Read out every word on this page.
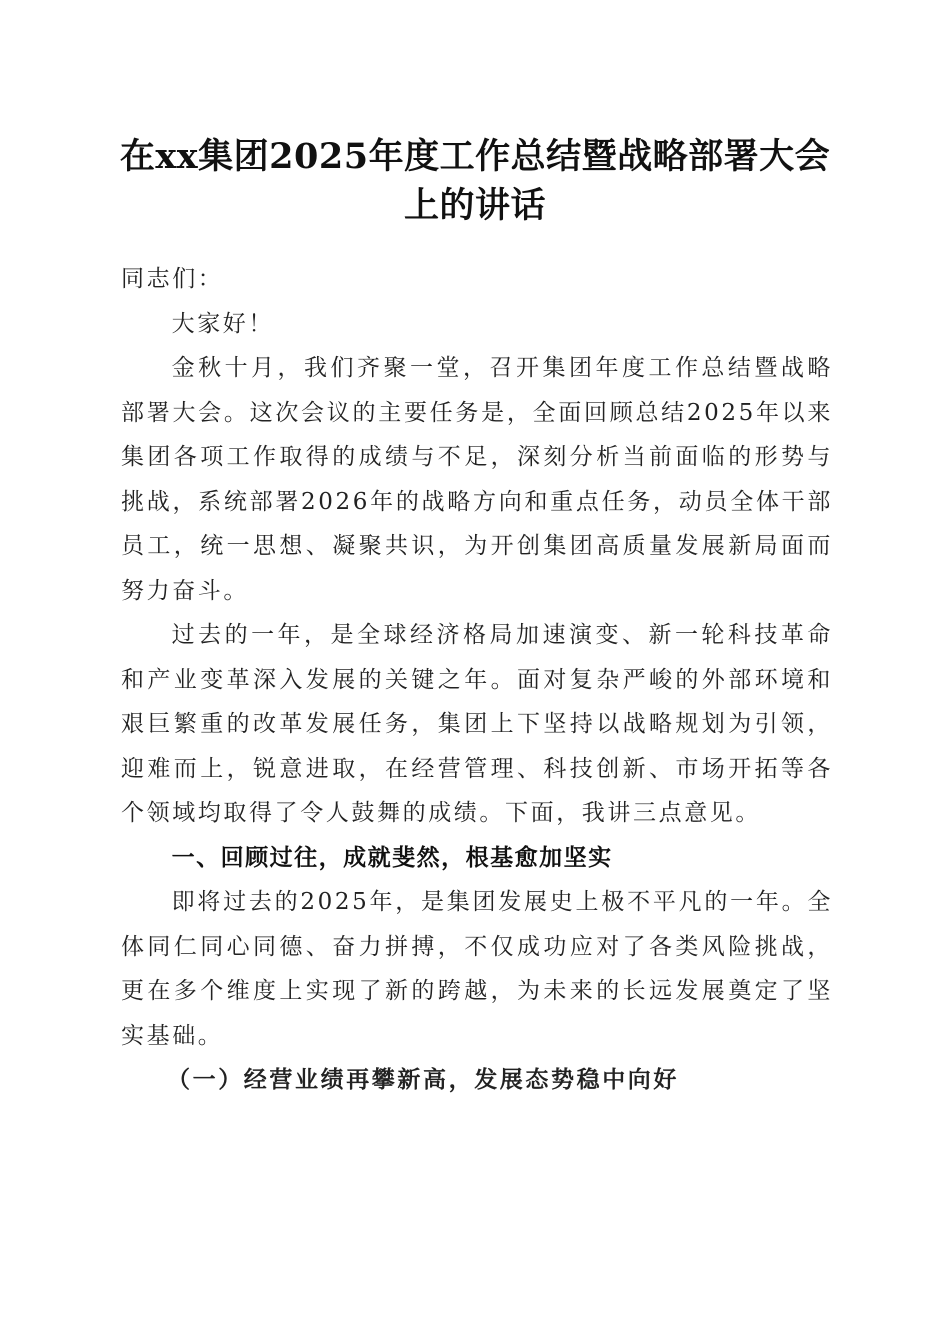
在xx集团2025年度工作总结暨战略部署大会
上的讲话

同志们：

大家好！

金秋十月，我们齐聚一堂，召开集团年度工作总结暨战略部署大会。这次会议的主要任务是，全面回顾总结2025年以来集团各项工作取得的成绩与不足，深刻分析当前面临的形势与挑战，系统部署2026年的战略方向和重点任务，动员全体干部员工，统一思想、凝聚共识，为开创集团高质量发展新局面而努力奋斗。

过去的一年，是全球经济格局加速演变、新一轮科技革命和产业变革深入发展的关键之年。面对复杂严峻的外部环境和艰巨繁重的改革发展任务，集团上下坚持以战略规划为引领，迎难而上，锐意进取，在经营管理、科技创新、市场开拓等各个领域均取得了令人鼓舞的成绩。下面，我讲三点意见。

一、回顾过往，成就斐然，根基愈加坚实

即将过去的2025年，是集团发展史上极不平凡的一年。全体同仁同心同德、奋力拼搏，不仅成功应对了各类风险挑战，更在多个维度上实现了新的跨越，为未来的长远发展奠定了坚实基础。

（一）经营业绩再攀新高，发展态势稳中向好
